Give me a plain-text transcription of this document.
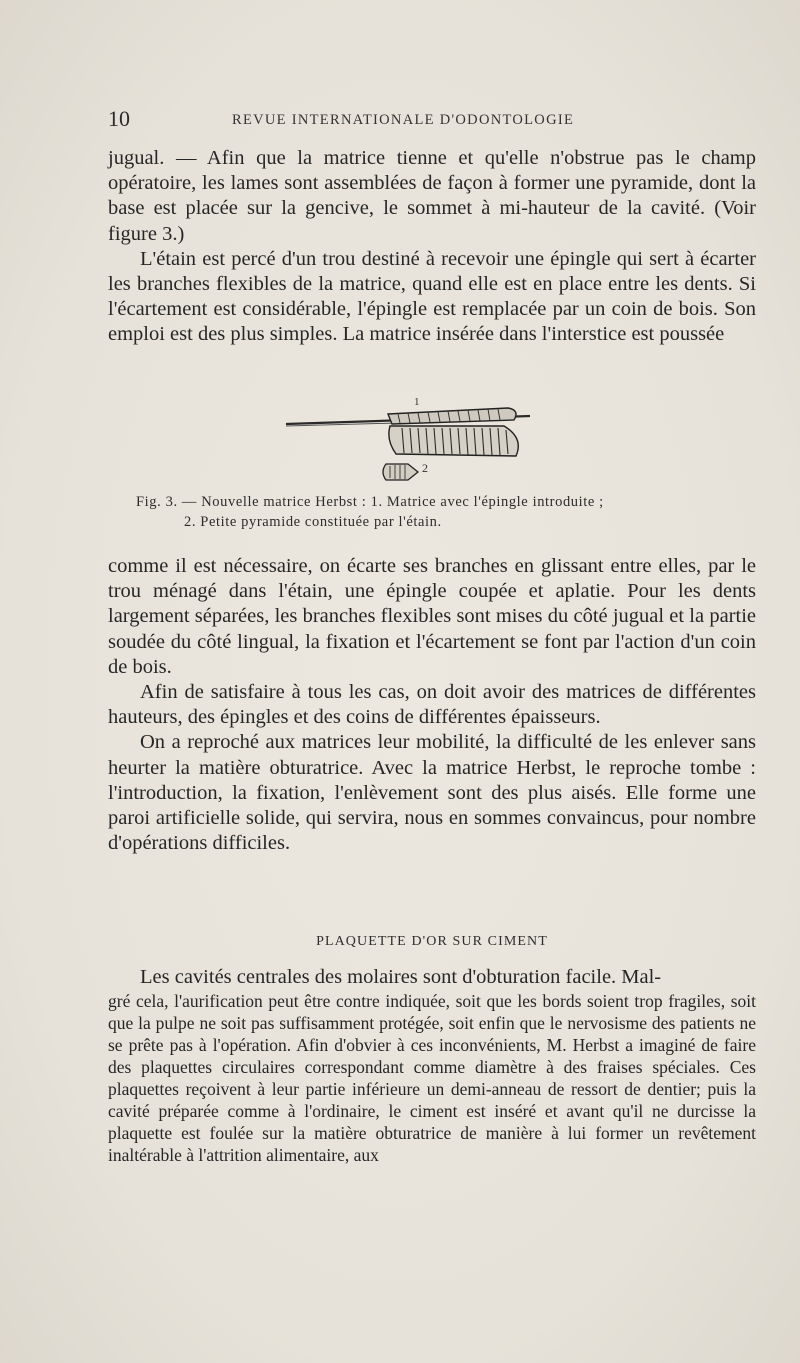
10	REVUE INTERNATIONALE D'ODONTOLOGIE

jugual. — Afin que la matrice tienne et qu'elle n'obstrue pas le champ opératoire, les lames sont assemblées de façon à former une pyramide, dont la base est placée sur la gencive, le sommet à mi-hauteur de la cavité. (Voir figure 3.)

L'étain est percé d'un trou destiné à recevoir une épingle qui sert à écarter les branches flexibles de la matrice, quand elle est en place entre les dents. Si l'écartement est considérable, l'épingle est remplacée par un coin de bois. Son emploi est des plus simples. La matrice insérée dans l'interstice est poussée

1
2
Fig. 3. — Nouvelle matrice Herbst : 1. Matrice avec l'épingle introduite ;
2. Petite pyramide constituée par l'étain.

comme il est nécessaire, on écarte ses branches en glissant entre elles, par le trou ménagé dans l'étain, une épingle coupée et aplatie. Pour les dents largement séparées, les branches flexibles sont mises du côté jugual et la partie soudée du côté lingual, la fixation et l'écartement se font par l'action d'un coin de bois.

Afin de satisfaire à tous les cas, on doit avoir des matrices de différentes hauteurs, des épingles et des coins de différentes épaisseurs.

On a reproché aux matrices leur mobilité, la difficulté de les enlever sans heurter la matière obturatrice. Avec la matrice Herbst, le reproche tombe : l'introduction, la fixation, l'enlèvement sont des plus aisés. Elle forme une paroi artificielle solide, qui servira, nous en sommes convaincus, pour nombre d'opérations difficiles.

PLAQUETTE D'OR SUR CIMENT

Les cavités centrales des molaires sont d'obturation facile. Mal-

gré cela, l'aurification peut être contre indiquée, soit que les bords soient trop fragiles, soit que la pulpe ne soit pas suffisamment protégée, soit enfin que le nervosisme des patients ne se prête pas à l'opération. Afin d'obvier à ces inconvénients, M. Herbst a imaginé de faire des plaquettes circulaires correspondant comme diamètre à des fraises spéciales. Ces plaquettes reçoivent à leur partie inférieure un demi-anneau de ressort de dentier; puis la cavité préparée comme à l'ordinaire, le ciment est inséré et avant qu'il ne durcisse la plaquette est foulée sur la matière obturatrice de manière à lui former un revêtement inaltérable à l'attrition alimentaire, aux
